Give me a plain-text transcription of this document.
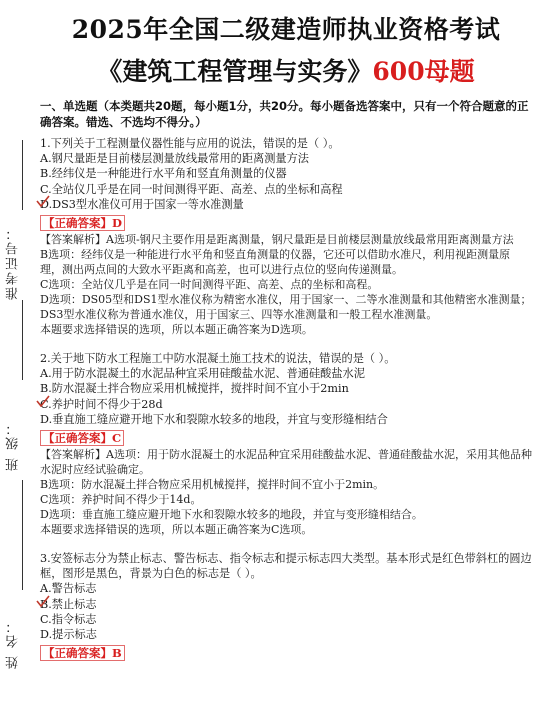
准考证号：
班 级：
姓 名：
2025年全国二级建造师执业资格考试
《建筑工程管理与实务》600母题
一、单选题（本类题共20题，每小题1分，共20分。每小题备选答案中，只有一个符合题意的正确答案。错选、不选均不得分。）

1.下列关于工程测量仪器性能与应用的说法，错误的是（ ）。

A.钢尺量距是目前楼层测量放线最常用的距离测量方法

B.经纬仪是一种能进行水平角和竖直角测量的仪器

C.全站仪几乎是在同一时间测得平距、高差、点的坐标和高程

D.DS3型水准仪可用于国家一等水准测量

【正确答案】D

【答案解析】A选项-钢尺主要作用是距离测量，钢尺量距是目前楼层测量放线最常用距离测量方法

B选项：经纬仪是一种能进行水平角和竖直角测量的仪器，它还可以借助水准尺，利用视距测量原理，测出两点间的大致水平距离和高差，也可以进行点位的竖向传递测量。

C选项：全站仪几乎是在同一时间测得平距、高差、点的坐标和高程。

D选项：DS05型和DS1型水准仪称为精密水准仪，用于国家一、二等水准测量和其他精密水准测量；DS3型水准仪称为普通水准仪，用于国家三、四等水准测量和一般工程水准测量。

本题要求选择错误的选项，所以本题正确答案为D选项。

2.关于地下防水工程施工中防水混凝土施工技术的说法，错误的是（ ）。

A.用于防水混凝土的水泥品种宜采用硅酸盐水泥、普通硅酸盐水泥

B.防水混凝土拌合物应采用机械搅拌，搅拌时间不宜小于2min

C.养护时间不得少于28d

D.垂直施工缝应避开地下水和裂隙水较多的地段，并宜与变形缝相结合

【正确答案】C

【答案解析】A选项：用于防水混凝土的水泥品种宜采用硅酸盐水泥、普通硅酸盐水泥，采用其他品种水泥时应经试验确定。

B选项：防水混凝土拌合物应采用机械搅拌，搅拌时间不宜小于2min。

C选项：养护时间不得少于14d。

D选项：垂直施工缝应避开地下水和裂隙水较多的地段，并宜与变形缝相结合。

本题要求选择错误的选项，所以本题正确答案为C选项。

3.安签标志分为禁止标志、警告标志、指令标志和提示标志四大类型。基本形式是红色带斜杠的圆边框，图形是黑色，背景为白色的标志是（ ）。

A.警告标志

B.禁止标志

C.指令标志

D.提示标志

【正确答案】B
